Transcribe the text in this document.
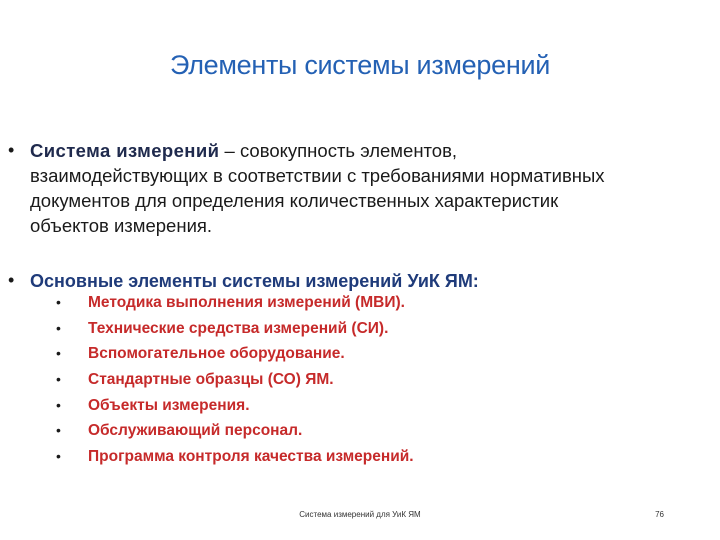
Элементы системы измерений
• Система измерений – совокупность элементов,
взаимодействующих в соответствии с требованиями нормативных
документов для определения количественных характеристик
объектов измерения.
• Основные элементы системы измерений УиК ЯМ:
• Методика выполнения измерений (МВИ).
• Технические средства измерений (СИ).
• Вспомогательное оборудование.
• Стандартные образцы (СО) ЯМ.
• Объекты измерения.
• Обслуживающий персонал.
• Программа контроля качества измерений.
Система измерений для УиК ЯМ	76
